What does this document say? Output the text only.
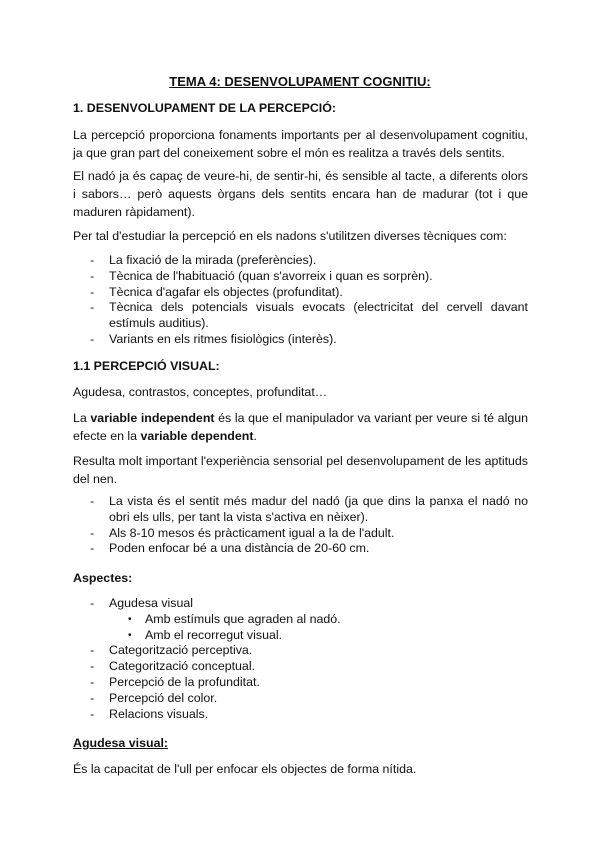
TEMA 4: DESENVOLUPAMENT COGNITIU:
1. DESENVOLUPAMENT DE LA PERCEPCIÓ:

La percepció proporciona fonaments importants per al desenvolupament cognitiu, ja que gran part del coneixement sobre el món es realitza a través dels sentits.

El nadó ja és capaç de veure-hi, de sentir-hi, és sensible al tacte, a diferents olors i sabors… però aquests òrgans dels sentits encara han de madurar (tot i que maduren ràpidament).

Per tal d'estudiar la percepció en els nadons s'utilitzen diverses tècniques com:

- La fixació de la mirada (preferències).
- Tècnica de l'habituació (quan s'avorreix i quan es sorprèn).
- Tècnica d'agafar els objectes (profunditat).
- Tècnica dels potencials visuals evocats (electricitat del cervell davant estímuls auditius).
- Variants en els ritmes fisiològics (interès).
1.1 PERCEPCIÓ VISUAL:

Agudesa, contrastos, conceptes, profunditat…

La variable independent és la que el manipulador va variant per veure si té algun efecte en la variable dependent.

Resulta molt important l'experiència sensorial pel desenvolupament de les aptituds del nen.

- La vista és el sentit més madur del nadó (ja que dins la panxa el nadó no obri els ulls, per tant la vista s'activa en nèixer).
- Als 8-10 mesos és pràcticament igual a la de l'adult.
- Poden enfocar bé a una distància de 20-60 cm.
Aspectes:
- Agudesa visual
• Amb estímuls que agraden al nadó.
• Amb el recorregut visual.
- Categorització perceptiva.
- Categorització conceptual.
- Percepció de la profunditat.
- Percepció del color.
- Relacions visuals.
Agudesa visual:

És la capacitat de l'ull per enfocar els objectes de forma nítida.
